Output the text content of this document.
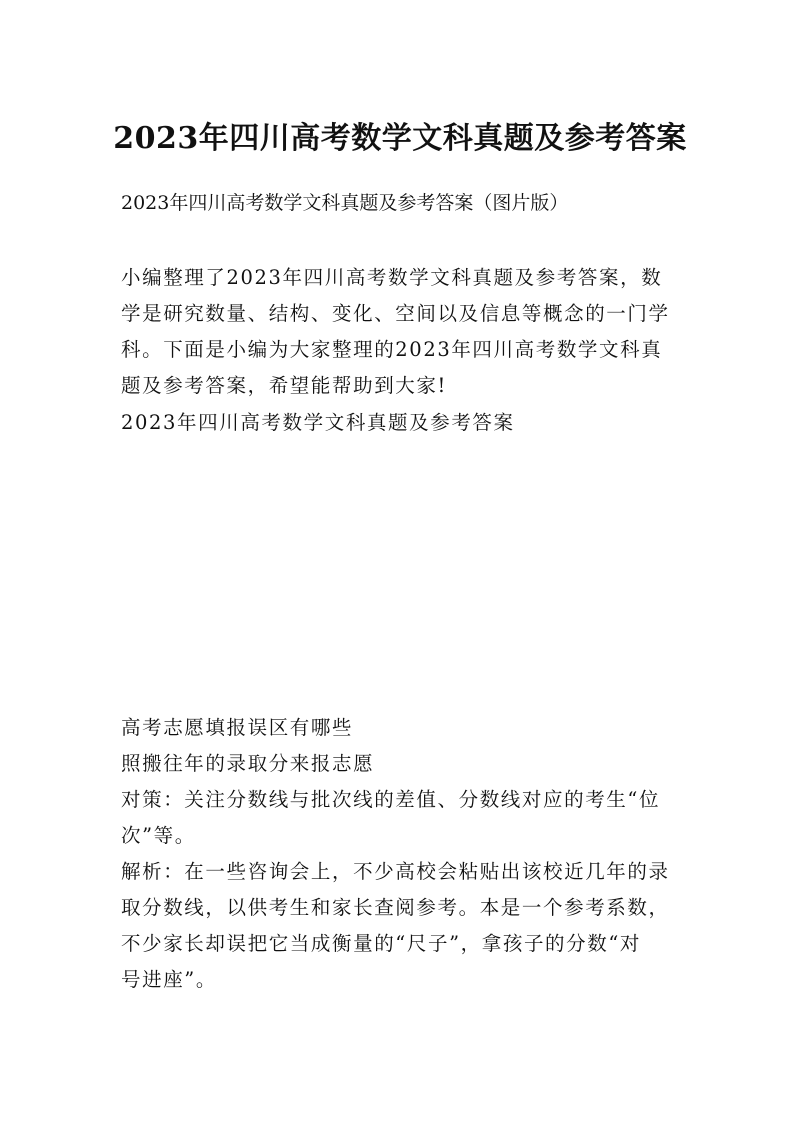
2023年四川高考数学文科真题及参考答案
2023年四川高考数学文科真题及参考答案（图片版）
小编整理了2023年四川高考数学文科真题及参考答案，数
学是研究数量、结构、变化、空间以及信息等概念的一门学
科。下面是小编为大家整理的2023年四川高考数学文科真
题及参考答案，希望能帮助到大家!
2023年四川高考数学文科真题及参考答案
高考志愿填报误区有哪些
照搬往年的录取分来报志愿
对策：关注分数线与批次线的差值、分数线对应的考生“位
次”等。
解析：在一些咨询会上，不少高校会粘贴出该校近几年的录
取分数线，以供考生和家长查阅参考。本是一个参考系数，
不少家长却误把它当成衡量的“尺子”，拿孩子的分数“对
号进座”。
